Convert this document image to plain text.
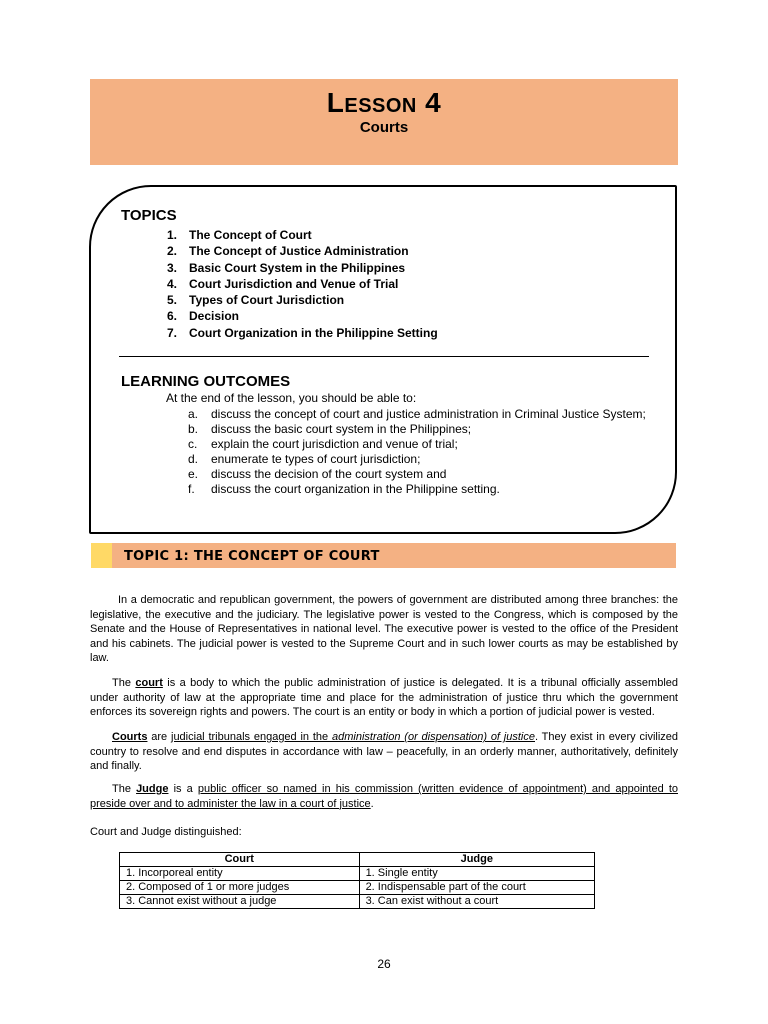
Lesson 4
Courts
TOPICS
1. The Concept of Court
2. The Concept of Justice Administration
3. Basic Court System in the Philippines
4. Court Jurisdiction and Venue of Trial
5. Types of Court Jurisdiction
6. Decision
7. Court Organization in the Philippine Setting
LEARNING OUTCOMES
At the end of the lesson, you should be able to:
a.	discuss the concept of court and justice administration in Criminal Justice System;
b.	discuss the basic court system in the Philippines;
c.	explain the court jurisdiction and venue of trial;
d.	enumerate te types of court jurisdiction;
e.	discuss the decision of the court system and
f.	discuss the court organization in the Philippine setting.
TOPIC 1: THE CONCEPT OF COURT

In a democratic and republican government, the powers of government are distributed among three branches: the legislative, the executive and the judiciary. The legislative power is vested to the Congress, which is composed by the Senate and the House of Representatives in national level. The executive power is vested to the office of the President and his cabinets. The judicial power is vested to the Supreme Court and in such lower courts as may be established by law.

The court is a body to which the public administration of justice is delegated. It is a tribunal officially assembled under authority of law at the appropriate time and place for the administration of justice thru which the government enforces its sovereign rights and powers. The court is an entity or body in which a portion of judicial power is vested.

Courts are judicial tribunals engaged in the administration (or dispensation) of justice. They exist in every civilized country to resolve and end disputes in accordance with law – peacefully, in an orderly manner, authoritatively, definitely and finally.

The Judge is a public officer so named in his commission (written evidence of appointment) and appointed to preside over and to administer the law in a court of justice.

Court and Judge distinguished:
Court	Judge
1. Incorporeal entity	1. Single entity
2. Composed of 1 or more judges	2. Indispensable part of the court
3. Cannot exist without a judge	3. Can exist without a court
26
